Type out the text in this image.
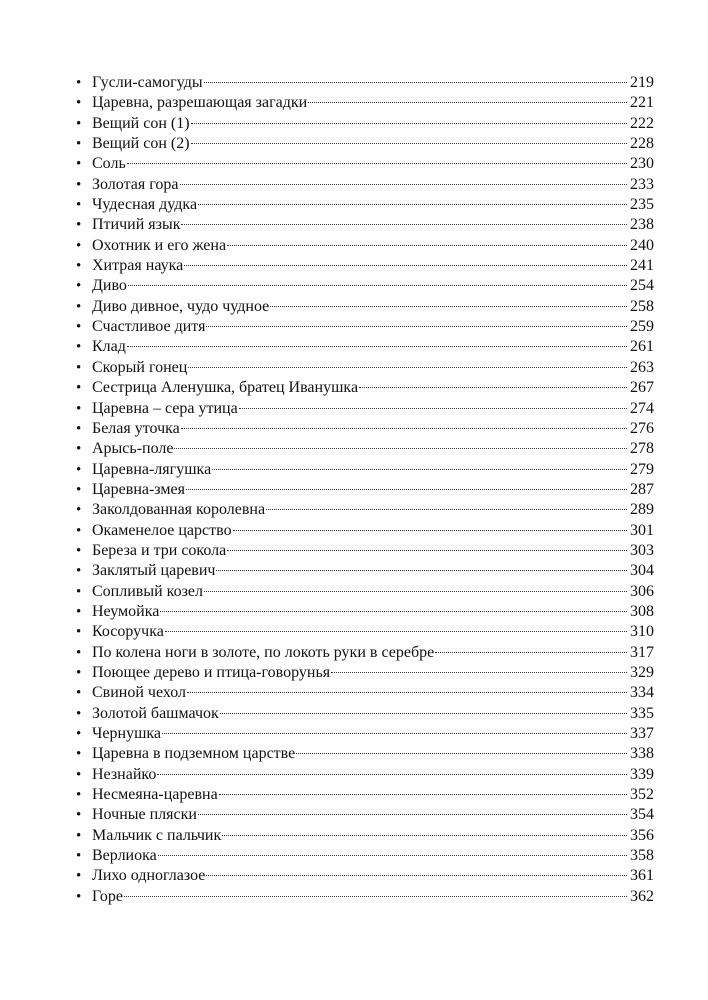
• Гусли-самогуды	219
• Царевна, разрешающая загадки	221
• Вещий сон (1)	222
• Вещий сон (2)	228
• Соль	230
• Золотая гора	233
• Чудесная дудка	235
• Птичий язык	238
• Охотник и его жена	240
• Хитрая наука	241
• Диво	254
• Диво дивное, чудо чудное	258
• Счастливое дитя	259
• Клад	261
• Скорый гонец	263
• Сестрица Аленушка, братец Иванушка	267
• Царевна – сера утица	274
• Белая уточка	276
• Арысь-поле	278
• Царевна-лягушка	279
• Царевна-змея	287
• Заколдованная королевна	289
• Окаменелое царство	301
• Береза и три сокола	303
• Заклятый царевич	304
• Сопливый козел	306
• Неумойка	308
• Косоручка	310
• По колена ноги в золоте, по локоть руки в серебре	317
• Поющее дерево и птица-говорунья	329
• Свиной чехол	334
• Золотой башмачок	335
• Чернушка	337
• Царевна в подземном царстве	338
• Незнайко	339
• Несмеяна-царевна	352
• Ночные пляски	354
• Мальчик с пальчик	356
• Верлиока	358
• Лихо одноглазое	361
• Горе	362
